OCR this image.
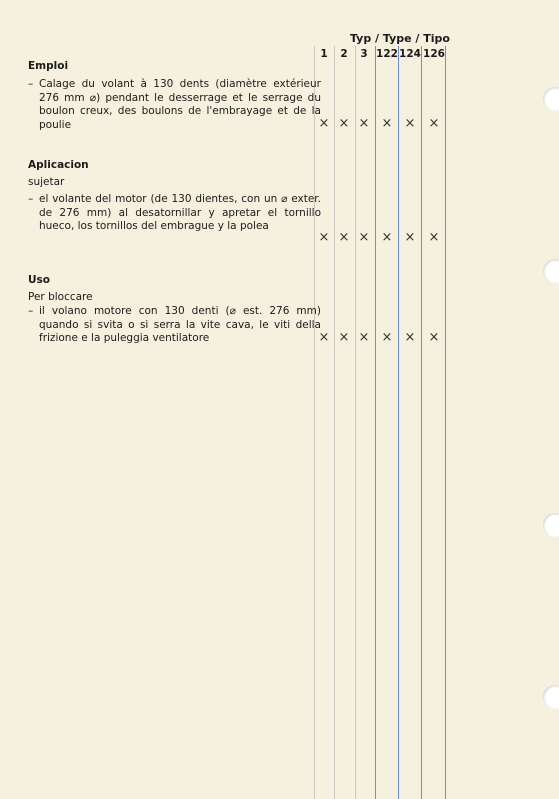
Typ / Type / Tipo
1	2	3 122 124 126
Emploi

– Calage du volant à 130 dents (diamètre extérieur 276 mm ⌀) pendant le desserrage et le serrage du boulon creux, des boulons de l'embrayage et de la poulie	× × × × ×	×
Aplicacion
sujetar

– el volante del motor (de 130 dientes, con un ⌀ exter. de 276 mm) al desatornillar y apretar el tornillo hueco, los tornillos del embrague y la polea

× × × × ×	×
Uso
Per bloccare

– il volano motore con 130 denti (⌀ est. 276 mm) quando si svita o si serra la vite cava, le viti della frizione e la puleggia ventilatore	× × × × ×	×
